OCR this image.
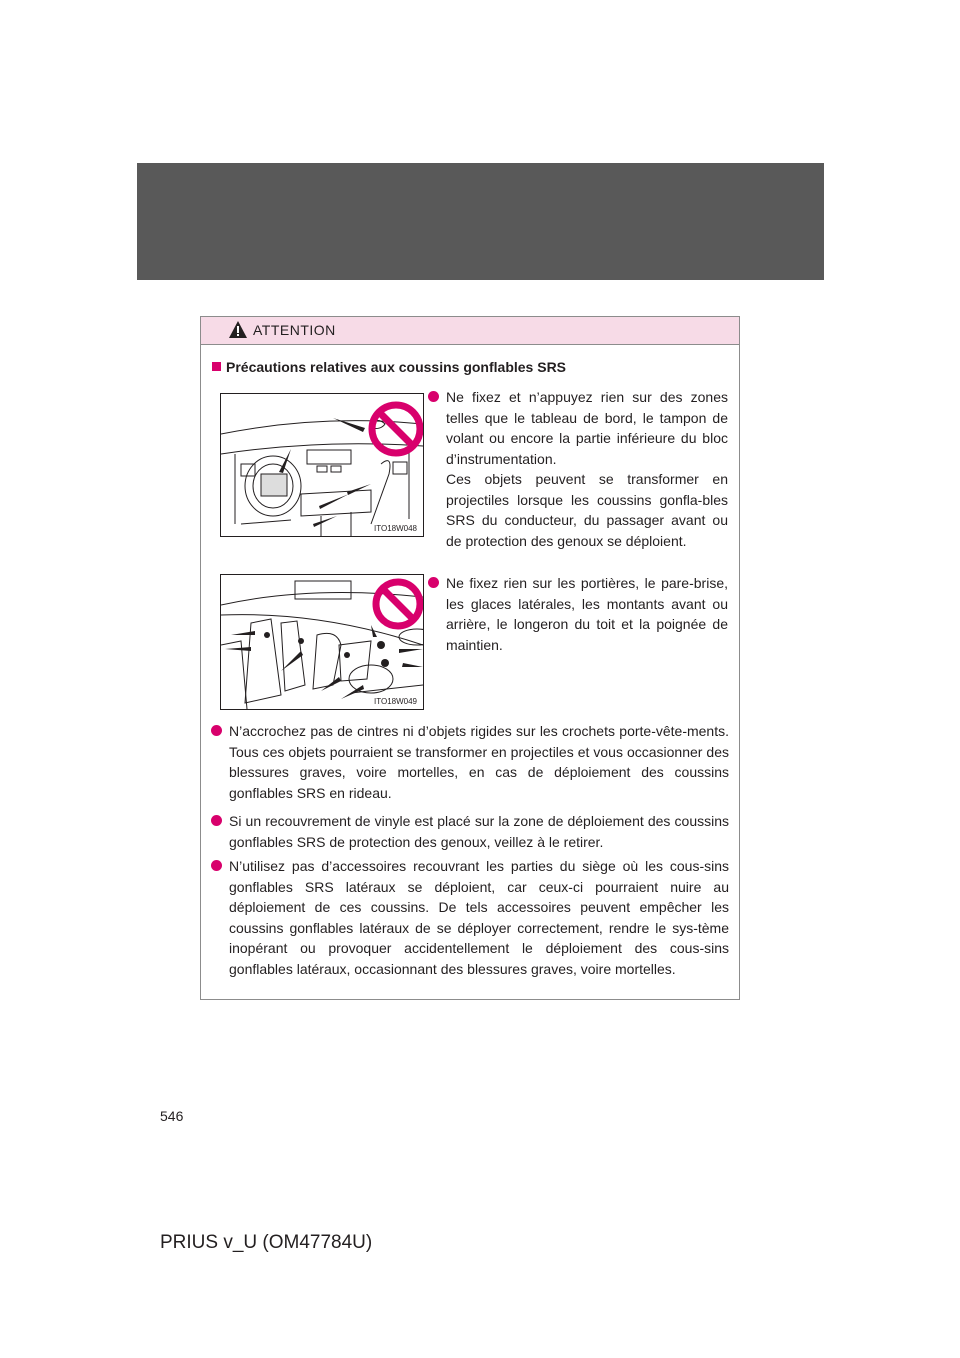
ATTENTION
Précautions relatives aux coussins gonflables SRS
ITO18W048
ITO18W049
Ne fixez et n’appuyez rien sur des zones telles que le tableau de bord, le tampon de volant ou encore la partie inférieure du bloc d’instrumentation.
Ces objets peuvent se transformer en projectiles lorsque les coussins gonfla-bles SRS du conducteur, du passager avant ou de protection des genoux se déploient.
Ne fixez rien sur les portières, le pare-brise, les glaces latérales, les montants avant ou arrière, le longeron du toit et la poignée de maintien.
N’accrochez pas de cintres ni d’objets rigides sur les crochets porte-vête-ments. Tous ces objets pourraient se transformer en projectiles et vous occasionner des blessures graves, voire mortelles, en cas de déploiement des coussins gonflables SRS en rideau.
Si un recouvrement de vinyle est placé sur la zone de déploiement des coussins gonflables SRS de protection des genoux, veillez à le retirer.
N’utilisez pas d’accessoires recouvrant les parties du siège où les cous-sins gonflables SRS latéraux se déploient, car ceux-ci pourraient nuire au déploiement de ces coussins. De tels accessoires peuvent empêcher les coussins gonflables latéraux de se déployer correctement, rendre le sys-tème inopérant ou provoquer accidentellement le déploiement des cous-sins gonflables latéraux, occasionnant des blessures graves, voire mortelles.
546
PRIUS v_U (OM47784U)
